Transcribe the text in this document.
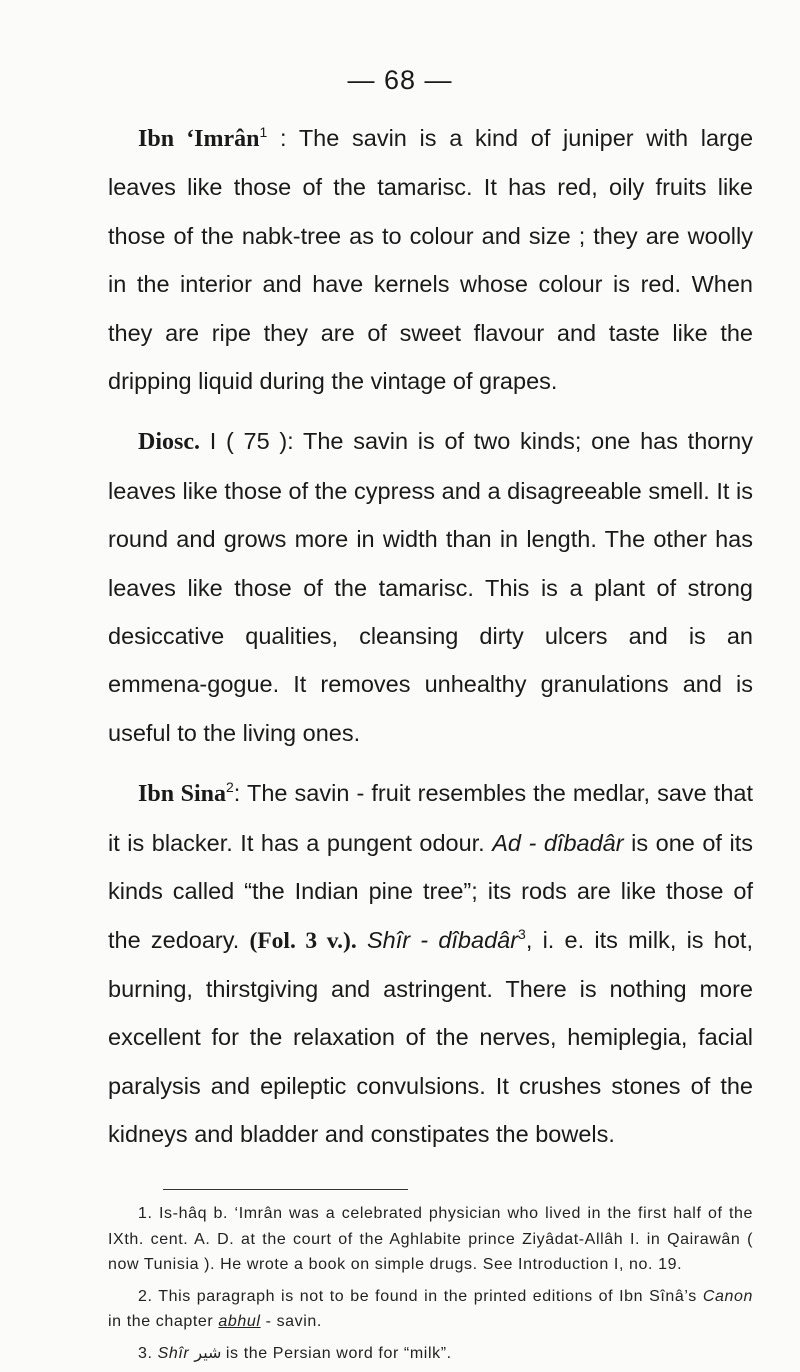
— 68 —

Ibn ‘Imrân$^1$ : The savin is a kind of juniper with large leaves like those of the tamarisc. It has red, oily fruits like those of the nabk-tree as to colour and size ; they are woolly in the interior and have kernels whose colour is red. When they are ripe they are of sweet flavour and taste like the dripping liquid during the vintage of grapes.

Diosc. I ( 75 ): The savin is of two kinds; one has thorny leaves like those of the cypress and a disagreeable smell. It is round and grows more in width than in length. The other has leaves like those of the tamarisc. This is a plant of strong desiccative qualities, cleansing dirty ulcers and is an emmena-gogue. It removes unhealthy granulations and is useful to the living ones.

Ibn Sina$^2$: The savin - fruit resembles the medlar, save that it is blacker. It has a pungent odour. Ad - dîbadâr is one of its kinds called “the Indian pine tree”; its rods are like those of the zedoary. (Fol. 3 v.). Shîr - dîbadâr$^3$, i. e. its milk, is hot, burning, thirstgiving and astringent. There is nothing more excellent for the relaxation of the nerves, hemiplegia, facial paralysis and epileptic convulsions. It crushes stones of the kidneys and bladder and constipates the bowels.

1. Is-hâq b. ‘Imrân was a celebrated physician who lived in the first half of the IXth. cent. A. D. at the court of the Aghlabite prince Ziyâdat-Allâh I. in Qairawân ( now Tunisia ). He wrote a book on simple drugs. See Introduction I, no. 19.

2. This paragraph is not to be found in the printed editions of Ibn Sînâ’s Canon in the chapter abhul - savin.

3. Shîr شير is the Persian word for “milk”.
